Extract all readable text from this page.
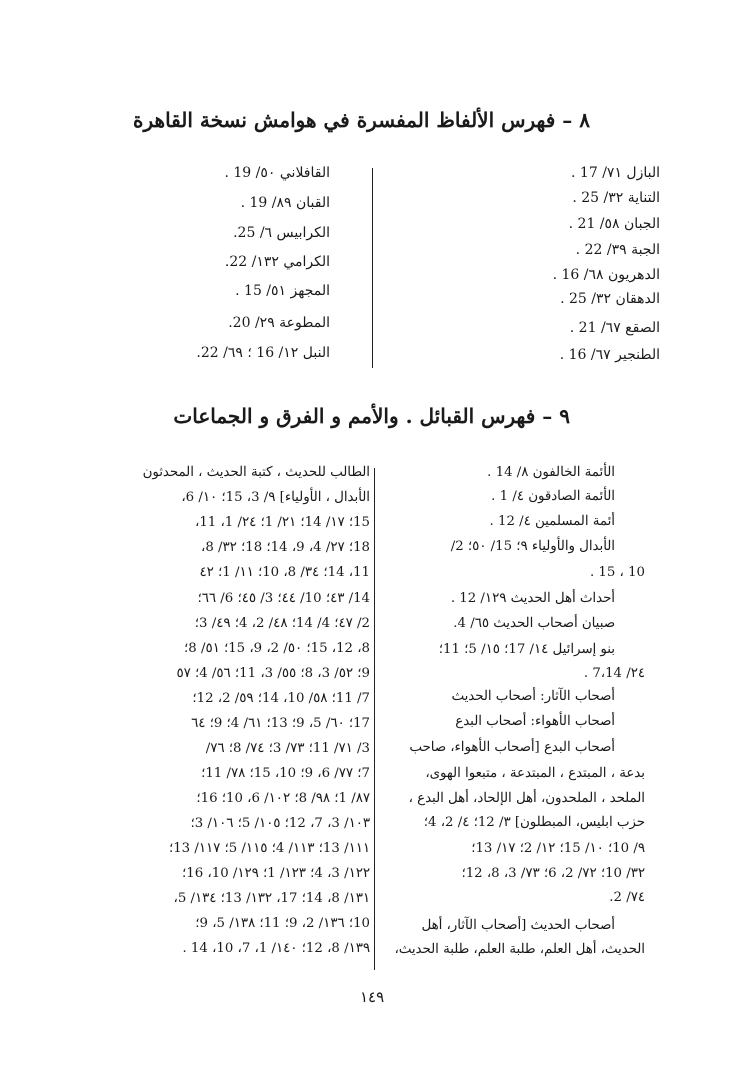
٨ – فهرس الألفاظ المفسرة في هوامش نسخة القاهرة
البازل ٧١/ 17 .
التناية ٣٢/ 25 .
الجبان ٥٨/ 21 .
الجبة ٣٩/ 22 .
الدهريون ٦٨/ 16 .
الدهقان ٣٢/ 25 .
الصقع ٦٧/ 21 .
الطنجير ٦٧/ 16 .
القافلاني ٥٠/ 19 .
القبان ٨٩/ 19 .
الكرابيس ٦/ 25.
الكرامي ١٣٢/ 22.
المجهز ٥١/ 15 .
المطوعة ٢٩/ 20.
النبل ١٢/ 16 ؛ ٦٩/ 22.
٩ – فهرس القبائل . والأمم و الفرق و الجماعات
الأئمة الخالفون ٨/ 14 .
الأئمة الصادقون ٤/ 1 .
أئمة المسلمين ٤/ 12 .
الأبدال والأولياء ٩؛ 15/ ٥٠؛ 2/
10 ، 15 .
أحداث أهل الحديث ١٢٩/ 12 .
صبيان أصحاب الحديث ٦٥/ 4.
بنو إسرائيل ١٤/ 17؛ ١٥/ 5؛ 11؛
٢٤/ 7،14 .
أصحاب الآثار: أصحاب الحديث
أصحاب الأهواء: أصحاب البدع
أصحاب البدع [أصحاب الأهواء، صاحب
بدعة ، المبتدع ، المبتدعة ، متبعوا الهوى،
الملحد ، الملحدون، أهل الإلحاد، أهل البدع ،
حزب ابليس، المبطلون] ٣/ 12؛ ٤/ 2، 4؛
٩/ 10؛ ١٠/ 15؛ ١٢/ 2؛ ١٧/ 13؛
٣٢/ 10؛ ٧٢/ 2، 6؛ ٧٣/ 3، 8، 12؛
٧٤/ 2.
أصحاب الحديث [أصحاب الآثار، أهل
الحديث، أهل العلم، طلبة العلم، طلبة الحديث،
الطالب للحديث ، كتبة الحديث ، المحدثون
الأبدال ، الأولياء] ٩/ 3، 15؛ ١٠/ 6،
15؛ ١٧/ 14؛ ٢١/ 1؛ ٢٤/ 1، 11،
18؛ ٢٧/ 4، 9، 14؛ 18؛ ٣٢/ 8،
11، 14؛ ٣٤/ 8، 10؛ ١١/ 1؛ ٤٢
14/ ٤٣؛ 10/ ٤٤؛ 3/ ٤٥؛ 6/ ٦٦؛
2/ ٤٧؛ 4/ 14؛ ٤٨/ 2، 4؛ ٤٩/ 3؛
8، 12، 15؛ ٥٠/ 2، 9، 15؛ ٥١/ 8؛
9؛ ٥٢/ 3، 8؛ ٥٥/ 3، 11؛ ٥٦/ 4؛ ٥٧
7/ 11؛ ٥٨/ 10، 14؛ ٥٩/ 2، 12؛
17؛ ٦٠/ 5، 9؛ 13؛ ٦١/ 4؛ 9؛ ٦٤
3/ ٧١/ 11؛ ٧٣/ 3؛ ٧٤/ 8؛ ٧٦/
7؛ ٧٧/ 6، 9؛ 10، 15؛ ٧٨/ 11؛
٨٧/ 1؛ ٩٨/ 8؛ ١٠٢/ 6، 10؛ 16؛
١٠٣/ 3، 7، 12؛ ١٠٥/ 5؛ ١٠٦/ 3؛
١١١/ 13؛ ١١٣/ 4؛ ١١٥/ 5؛ ١١٧/ 13؛
١٢٢/ 3، 4؛ ١٢٣/ 1؛ ١٢٩/ 10، 16؛
١٣١/ 8، 14؛ 17، ١٣٢/ 13؛ ١٣٤/ 5،
10؛ ١٣٦/ 2، 9؛ 11؛ ١٣٨/ 5، 9؛
١٣٩/ 8، 12؛ ١٤٠/ 1، 7، 10، 14 .
١٤٩
